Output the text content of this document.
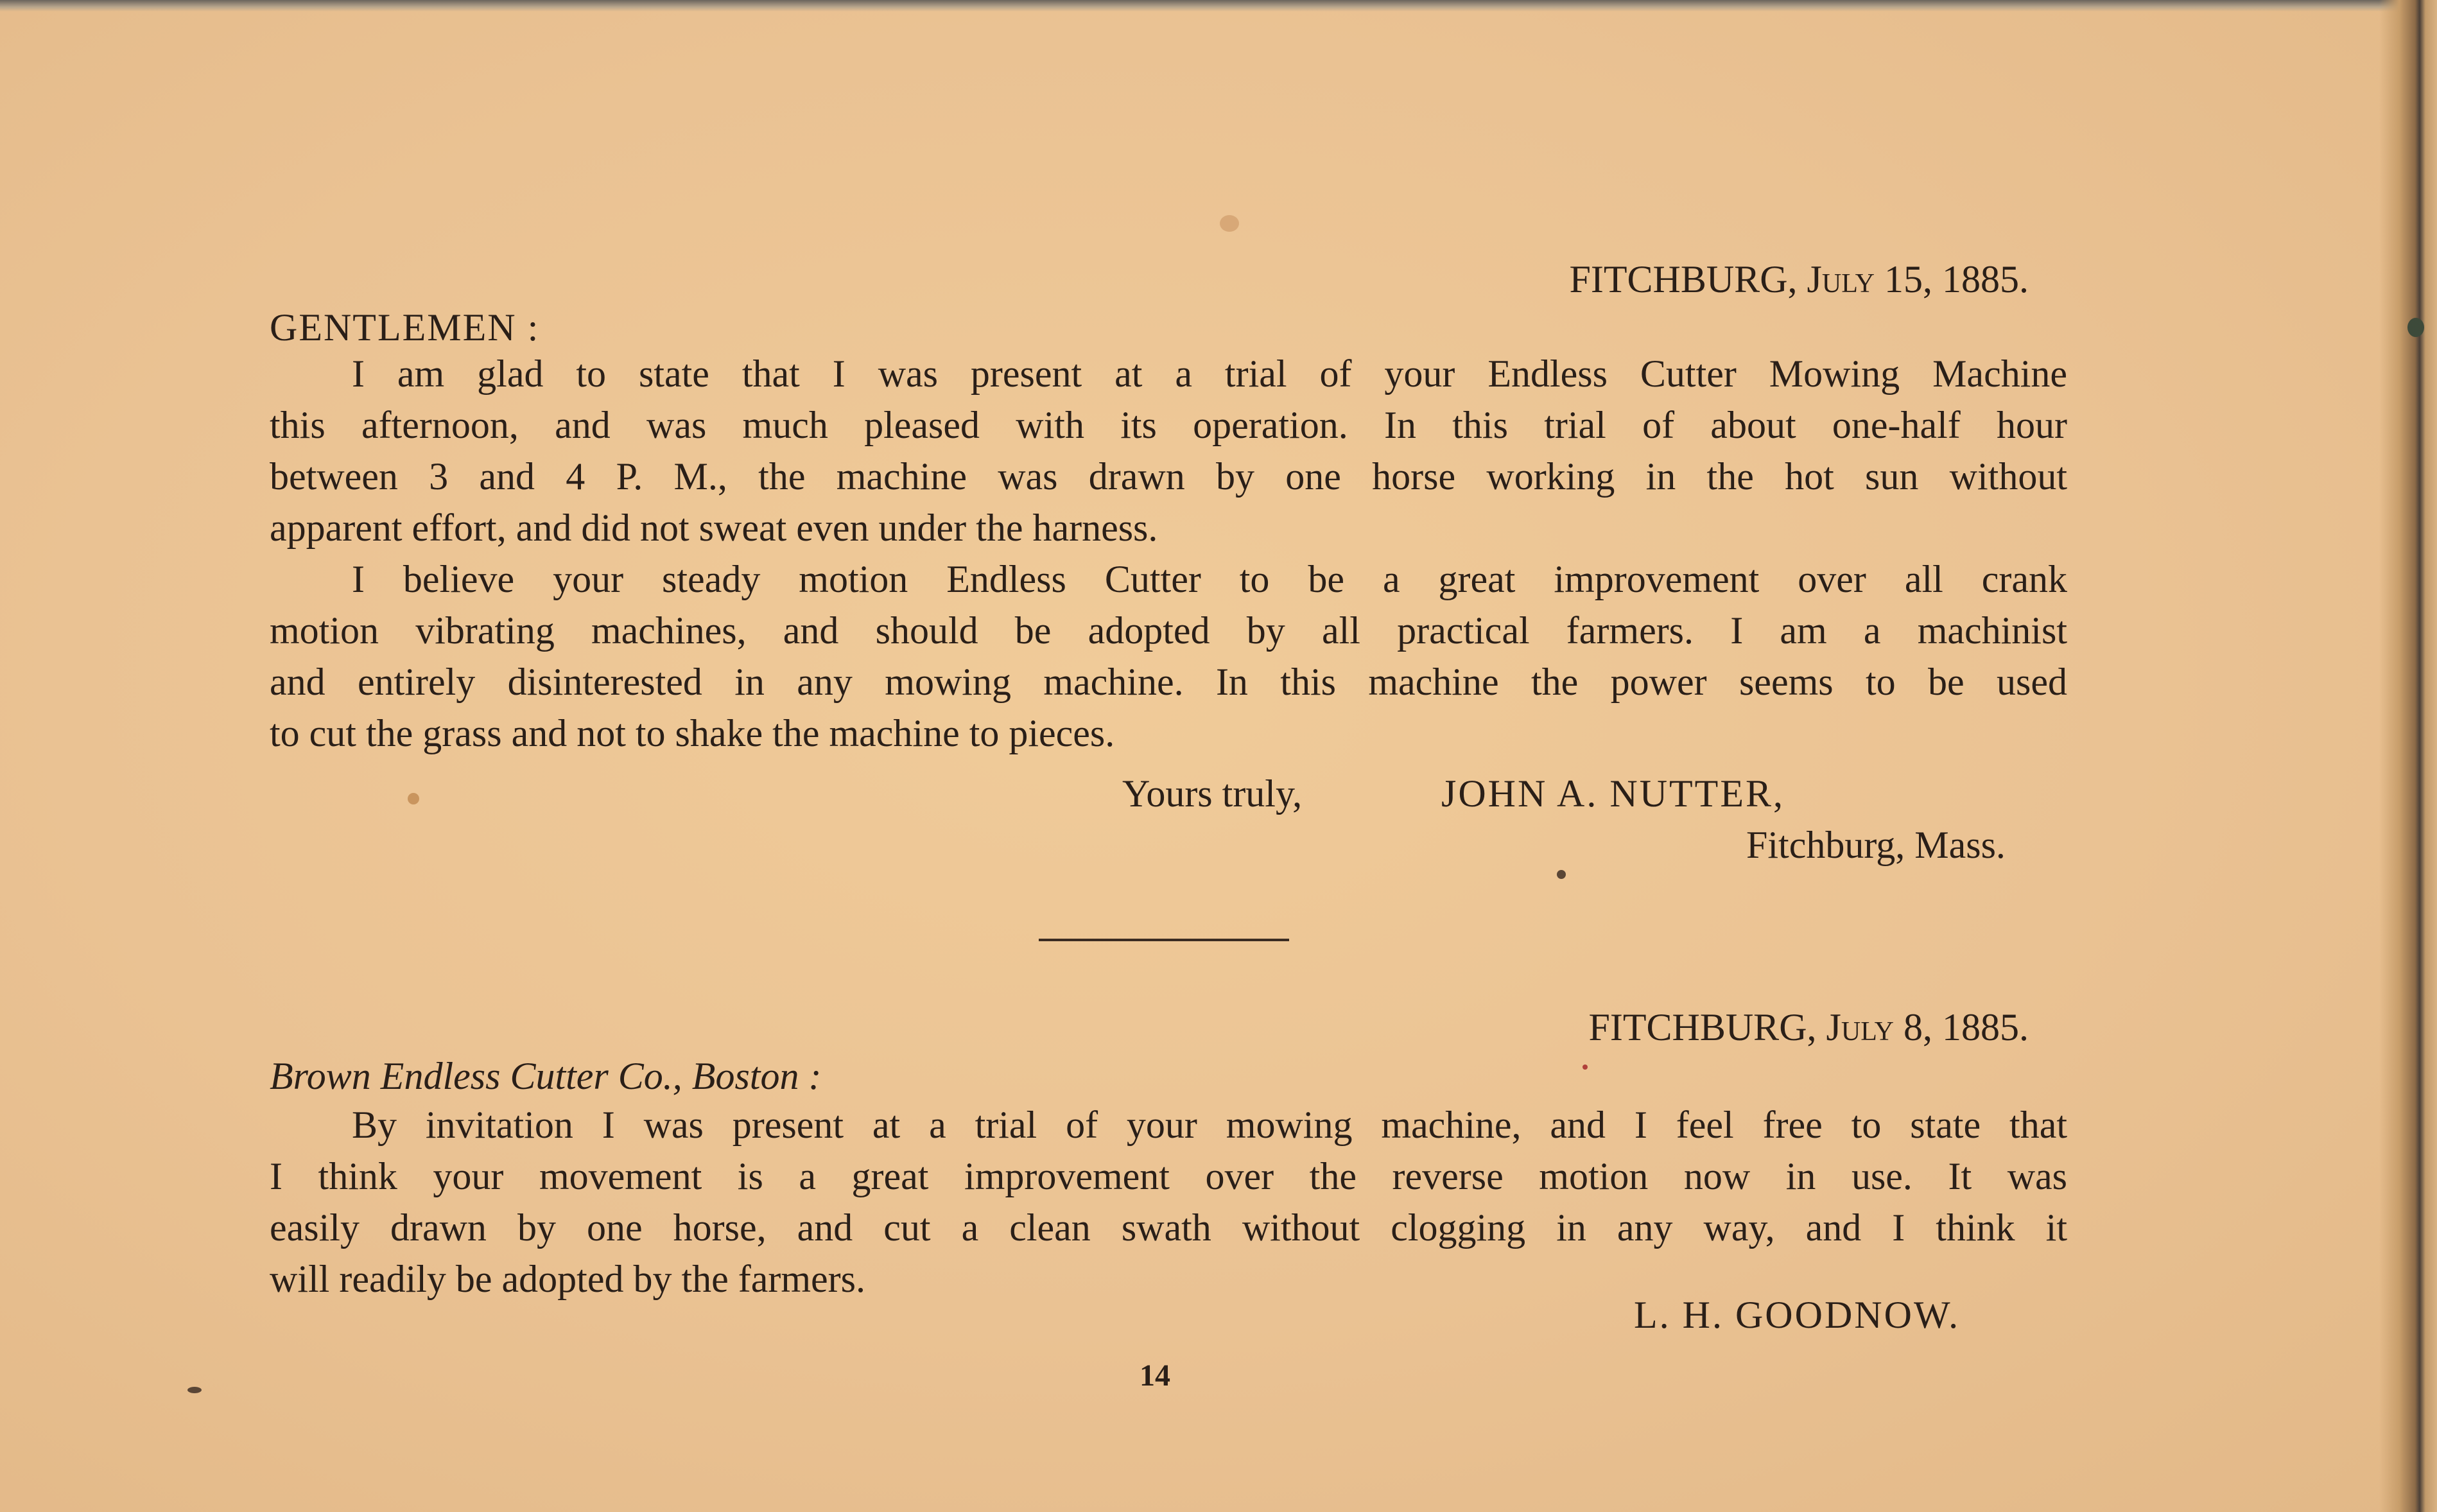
FITCHBURG, July 15, 1885.
GENTLEMEN :
I am glad to state that I was present at a trial of your Endless Cutter Mowing Machine
this afternoon, and was much pleased with its operation. In this trial of about one-half hour
between 3 and 4 P. M., the machine was drawn by one horse working in the hot sun without
apparent effort, and did not sweat even under the harness.
I believe your steady motion Endless Cutter to be a great improvement over all crank
motion vibrating machines, and should be adopted by all practical farmers. I am a machinist
and entirely disinterested in any mowing machine. In this machine the power seems to be used
to cut the grass and not to shake the machine to pieces.
Yours truly,	JOHN A. NUTTER,
Fitchburg, Mass.
FITCHBURG, July 8, 1885.
Brown Endless Cutter Co., Boston :
By invitation I was present at a trial of your mowing machine, and I feel free to state that
I think your movement is a great improvement over the reverse motion now in use. It was
easily drawn by one horse, and cut a clean swath without clogging in any way, and I think it
will readily be adopted by the farmers.
L. H. GOODNOW.
14
